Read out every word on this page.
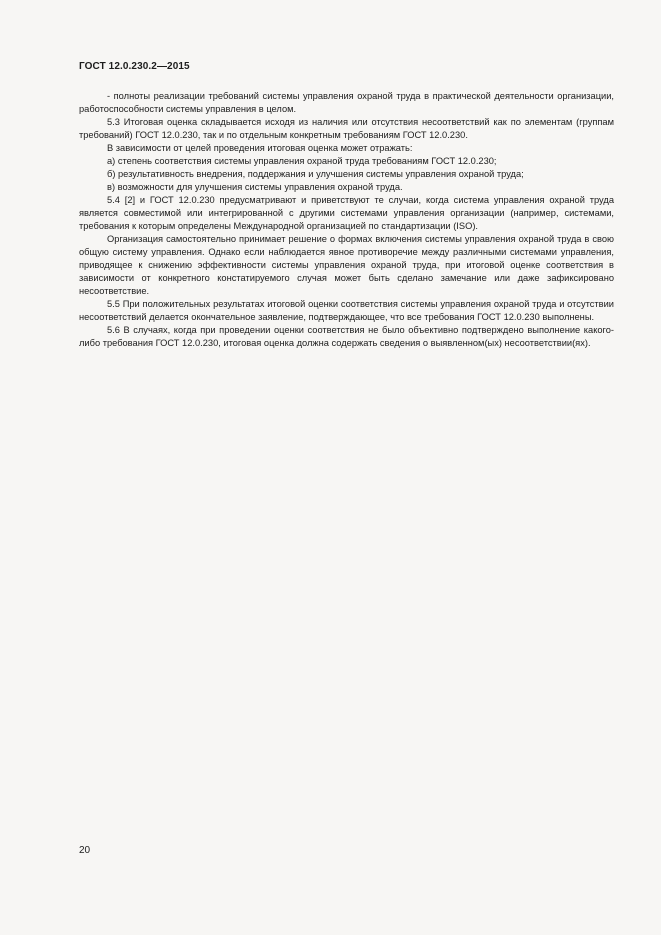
ГОСТ 12.0.230.2—2015

- полноты реализации требований системы управления охраной труда в практической деятельности организации, работоспособности системы управления в целом.

5.3 Итоговая оценка складывается исходя из наличия или отсутствия несоответствий как по элементам (группам требований) ГОСТ 12.0.230, так и по отдельным конкретным требованиям ГОСТ 12.0.230.

В зависимости от целей проведения итоговая оценка может отражать:

а) степень соответствия системы управления охраной труда требованиям ГОСТ 12.0.230;

б) результативность внедрения, поддержания и улучшения системы управления охраной труда;

в) возможности для улучшения системы управления охраной труда.

5.4 [2] и ГОСТ 12.0.230 предусматривают и приветствуют те случаи, когда система управления охраной труда является совместимой или интегрированной с другими системами управления организации (например, системами, требования к которым определены Международной организацией по стандартизации (ISO).

Организация самостоятельно принимает решение о формах включения системы управления охраной труда в свою общую систему управления. Однако если наблюдается явное противоречие между различными системами управления, приводящее к снижению эффективности системы управления охраной труда, при итоговой оценке соответствия в зависимости от конкретного констатируемого случая может быть сделано замечание или даже зафиксировано несоответствие.

5.5 При положительных результатах итоговой оценки соответствия системы управления охраной труда и отсутствии несоответствий делается окончательное заявление, подтверждающее, что все требования ГОСТ 12.0.230 выполнены.

5.6 В случаях, когда при проведении оценки соответствия не было объективно подтверждено выполнение какого-либо требования ГОСТ 12.0.230, итоговая оценка должна содержать сведения о выявленном(ых) несоответствии(ях).

20
